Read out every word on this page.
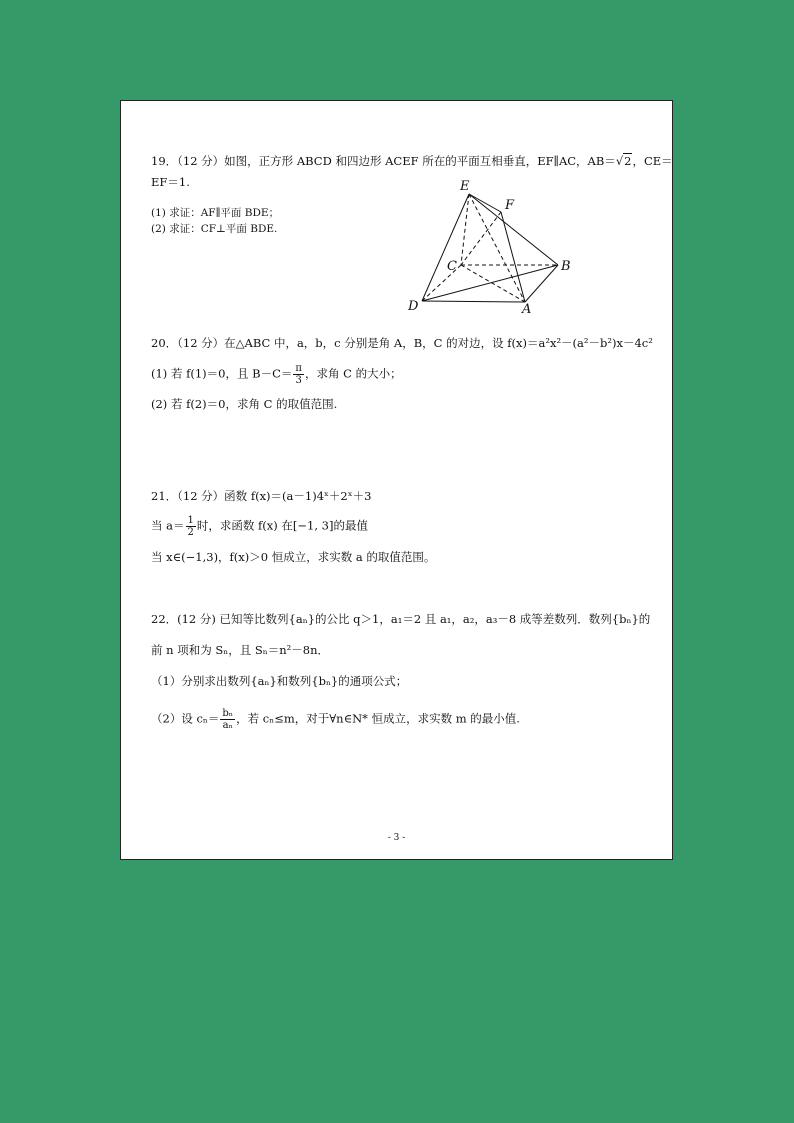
19．（12 分）如图，正方形 ABCD 和四边形 ACEF 所在的平面互相垂直，EF∥AC，AB＝√2，CE＝
EF＝1.
(1) 求证：AF∥平面 BDE；
(2) 求证：CF⊥平面 BDE.
E
F
C	B
D	A
20．（12 分）在△ABC 中，a，b，c 分别是角 A，B，C 的对边，设 f(x)＝a²x²－(a²－b²)x－4c²
(1) 若 f(1)＝0，且 $B-C= \frac{\pi}{3}$ ，求角 C 的大小；
(2) 若 f(2)＝0，求角 C 的取值范围.
21．（12 分）函数 f(x)＝(a－1)4ˣ＋2ˣ＋3
当 $a= \frac{1}{2}$ 时，求函数 f(x) 在[−1, 3]的最值
当 x∈(−1,3)，f(x)＞0 恒成立，求实数 a 的取值范围。
22．(12 分) 已知等比数列{aₙ}的公比 q＞1，a₁＝2 且 a₁，a₂，a₃－8 成等差数列．数列{bₙ}的
前 n 项和为 Sₙ，且 Sₙ＝n²－8n．
（1）分别求出数列{aₙ}和数列{bₙ}的通项公式；
（2）设 $c_n= \frac{\text{bₙ}}{\text{aₙ}}$ ，若 cₙ≤m，对于∀n∈N* 恒成立，求实数 m 的最小值.
- 3 -
